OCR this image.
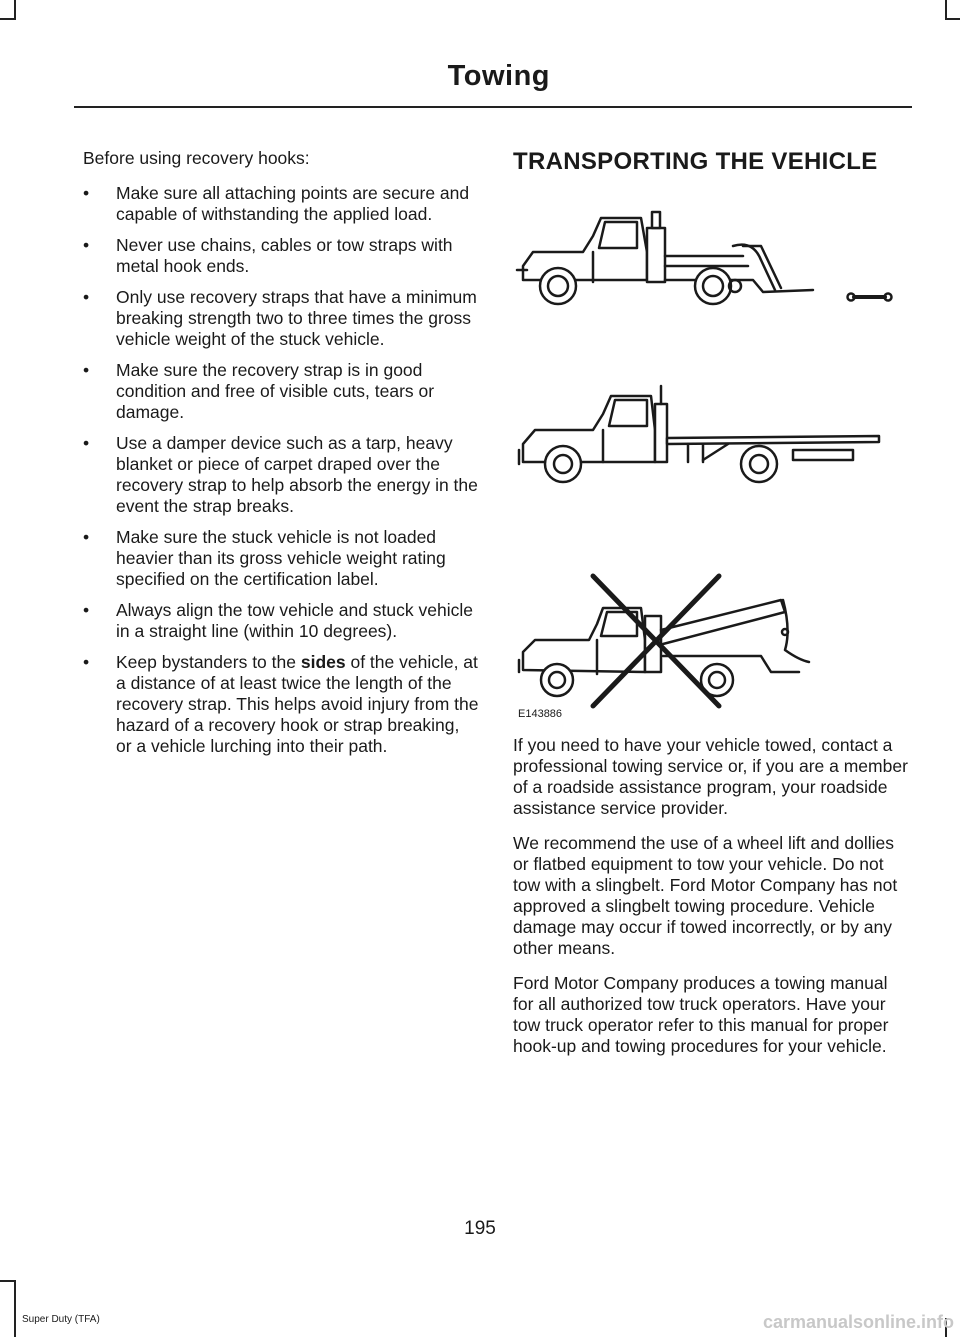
Towing

Before using recovery hooks:

• Make sure all attaching points are secure and capable of withstanding the applied load.
• Never use chains, cables or tow straps with metal hook ends.
• Only use recovery straps that have a minimum breaking strength two to three times the gross vehicle weight of the stuck vehicle.
• Make sure the recovery strap is in good condition and free of visible cuts, tears or damage.
• Use a damper device such as a tarp, heavy blanket or piece of carpet draped over the recovery strap to help absorb the energy in the event the strap breaks.
• Make sure the stuck vehicle is not loaded heavier than its gross vehicle weight rating specified on the certification label.
• Always align the tow vehicle and stuck vehicle in a straight line (within 10 degrees).
• Keep bystanders to the sides of the vehicle, at a distance of at least twice the length of the recovery strap. This helps avoid injury from the hazard of a recovery hook or strap breaking, or a vehicle lurching into their path.
TRANSPORTING THE VEHICLE
E143886

If you need to have your vehicle towed, contact a professional towing service or, if you are a member of a roadside assistance program, your roadside assistance service provider.

We recommend the use of a wheel lift and dollies or flatbed equipment to tow your vehicle. Do not tow with a slingbelt. Ford Motor Company has not approved a slingbelt towing procedure. Vehicle damage may occur if towed incorrectly, or by any other means.

Ford Motor Company produces a towing manual for all authorized tow truck operators. Have your tow truck operator refer to this manual for proper hook-up and towing procedures for your vehicle.

195
Super Duty (TFA)	carmanualsonline.info
